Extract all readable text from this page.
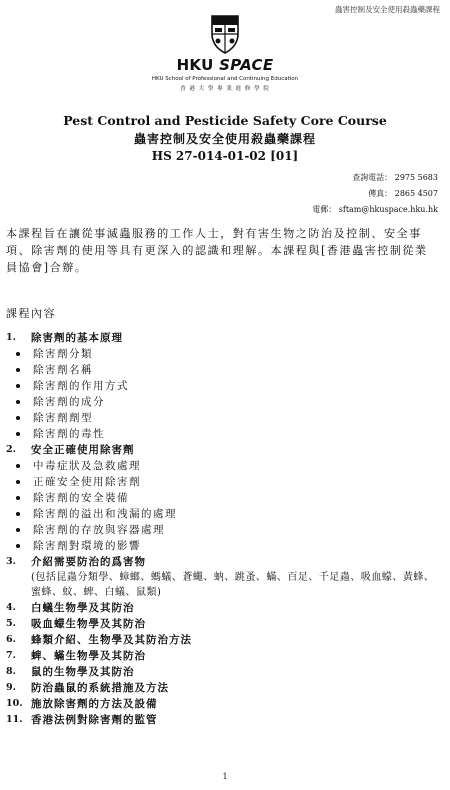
蟲害控制及安全使用殺蟲藥課程
HKU SPACE
HKU School of Professional and Continuing Education
香 港 大 學 專 業 進 修 學 院
Pest Control and Pesticide Safety Core Course
蟲害控制及安全使用殺蟲藥課程
HS 27-014-01-02 [01]
查詢電話： 2975 5683
傳真： 2865 4507
電郵： sftam@hkuspace.hku.hk
本課程旨在讓從事滅蟲服務的工作人士，對有害生物之防治及控制、安全事項、除害劑的使用等具有更深入的認識和理解。本課程與[香港蟲害控制從業員協會]合辦。
課程內容
1. 除害劑的基本原理
除害劑分類
除害劑名稱
除害劑的作用方式
除害劑的成分
除害劑劑型
除害劑的毒性
2. 安全正確使用除害劑
中毒症狀及急救處理
正確安全使用除害劑
除害劑的安全裝備
除害劑的溢出和洩漏的處理
除害劑的存放與容器處理
除害劑對環境的影響
3. 介紹需要防治的爲害物
(包括昆蟲分類學、蟑螂、螞蟻、蒼蠅、蚋、跳蚤、蟎、百足、千足蟲、吸血蠓、黃蜂、蜜蜂、蚊、蜱、白蟻、鼠類)
4. 白蟻生物學及其防治
5. 吸血蠓生物學及其防治
6. 蜂類介紹、生物學及其防治方法
7. 蜱、蟎生物學及其防治
8. 鼠的生物學及其防治
9. 防治蟲鼠的系統措施及方法
10. 施放除害劑的方法及設備
11. 香港法例對除害劑的監管
1
